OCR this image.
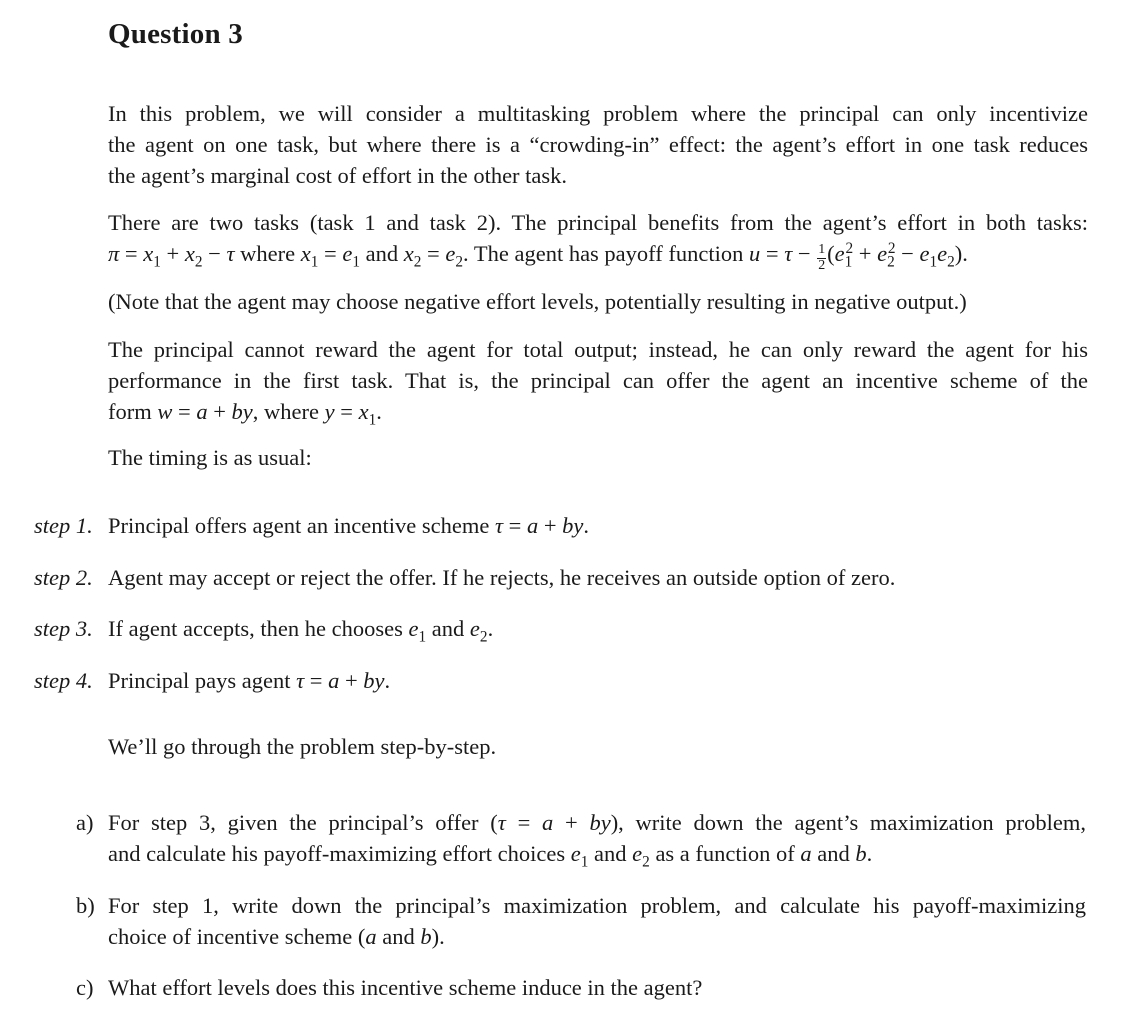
Question 3

In this problem, we will consider a multitasking problem where the principal can only incentivize
the agent on one task, but where there is a “crowding-in” effect: the agent’s effort in one task reduces
the agent’s marginal cost of effort in the other task.

There are two tasks (task 1 and task 2). The principal benefits from the agent’s effort in both tasks:
$\pi = x_1 + x_2 - \tau$ where $x_1 = e_1$ and $x_2 = e_2$. The agent has payoff function $u = \tau - \frac{1}{2} (e_1^2 + e_2^2 - e_1e_2)$.

(Note that the agent may choose negative effort levels, potentially resulting in negative output.)

The principal cannot reward the agent for total output; instead, he can only reward the agent for his
performance in the first task. That is, the principal can offer the agent an incentive scheme of the
form w = a + by, where $y = x_1$.

The timing is as usual:

step 1. Principal offers agent an incentive scheme τ = a + by.

step 2. Agent may accept or reject the offer. If he rejects, he receives an outside option of zero.

step 3. If agent accepts, then he chooses $e_1$ and $e_2$.

step 4. Principal pays agent τ = a + by.

We’ll go through the problem step-by-step.

a) For step 3, given the principal’s offer (τ = a + by), write down the agent’s maximization problem,
and calculate his payoff-maximizing effort choices $e_1$ and $e_2$ as a function of a and b.
b) For step 1, write down the principal’s maximization problem, and calculate his payoff-maximizing
choice of incentive scheme (a and b).
c) What effort levels does this incentive scheme induce in the agent?
